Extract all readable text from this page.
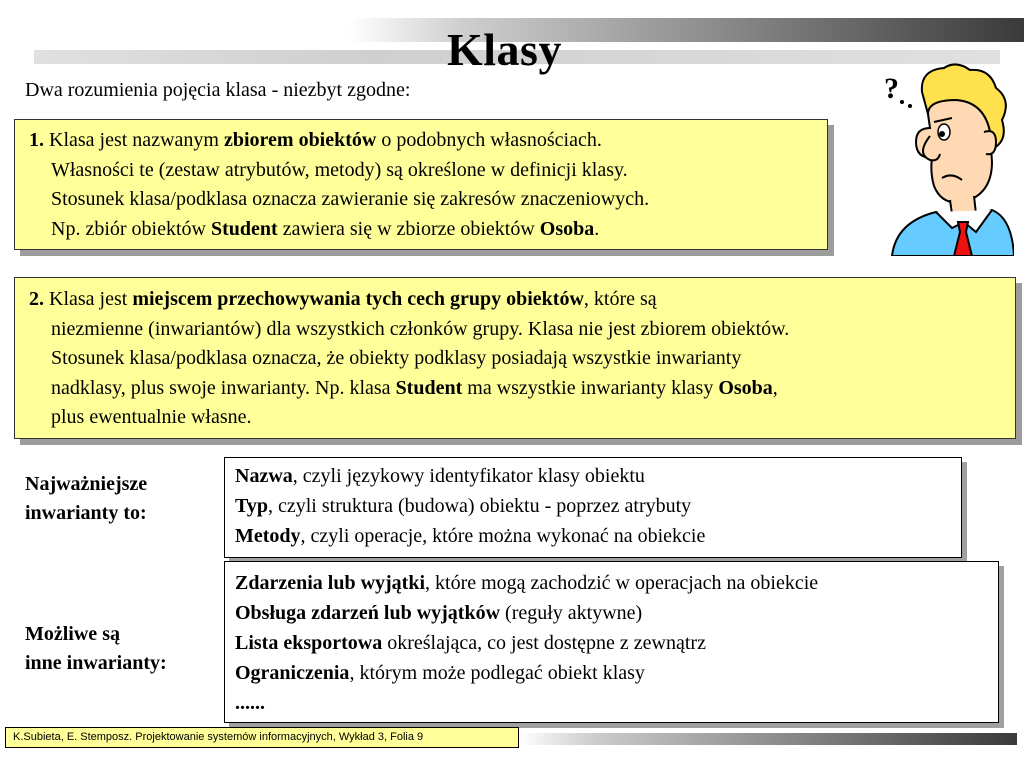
Klasy
Dwa rozumienia pojęcia klasa - niezbyt zgodne:	?
1. Klasa jest nazwanym zbiorem obiektów o podobnych własnościach.
Własności te (zestaw atrybutów, metody) są określone w definicji klasy.
Stosunek klasa/podklasa oznacza zawieranie się zakresów znaczeniowych.
Np. zbiór obiektów Student zawiera się w zbiorze obiektów Osoba.
2. Klasa jest miejscem przechowywania tych cech grupy obiektów, które są
niezmienne (inwariantów) dla wszystkich członków grupy. Klasa nie jest zbiorem obiektów.
Stosunek klasa/podklasa oznacza, że obiekty podklasy posiadają wszystkie inwarianty
nadklasy, plus swoje inwarianty. Np. klasa Student ma wszystkie inwarianty klasy Osoba,
plus ewentualnie własne.
Najważniejsze
inwarianty to:
Możliwe są
inne inwarianty:
Nazwa, czyli językowy identyfikator klasy obiektu
Typ, czyli struktura (budowa) obiektu - poprzez atrybuty
Metody, czyli operacje, które można wykonać na obiekcie
Zdarzenia lub wyjątki, które mogą zachodzić w operacjach na obiekcie
Obsługa zdarzeń lub wyjątków (reguły aktywne)
Lista eksportowa określająca, co jest dostępne z zewnątrz
Ograniczenia, którym może podlegać obiekt klasy
......
K.Subieta, E. Stemposz. Projektowanie systemów informacyjnych, Wykład 3, Folia 9
